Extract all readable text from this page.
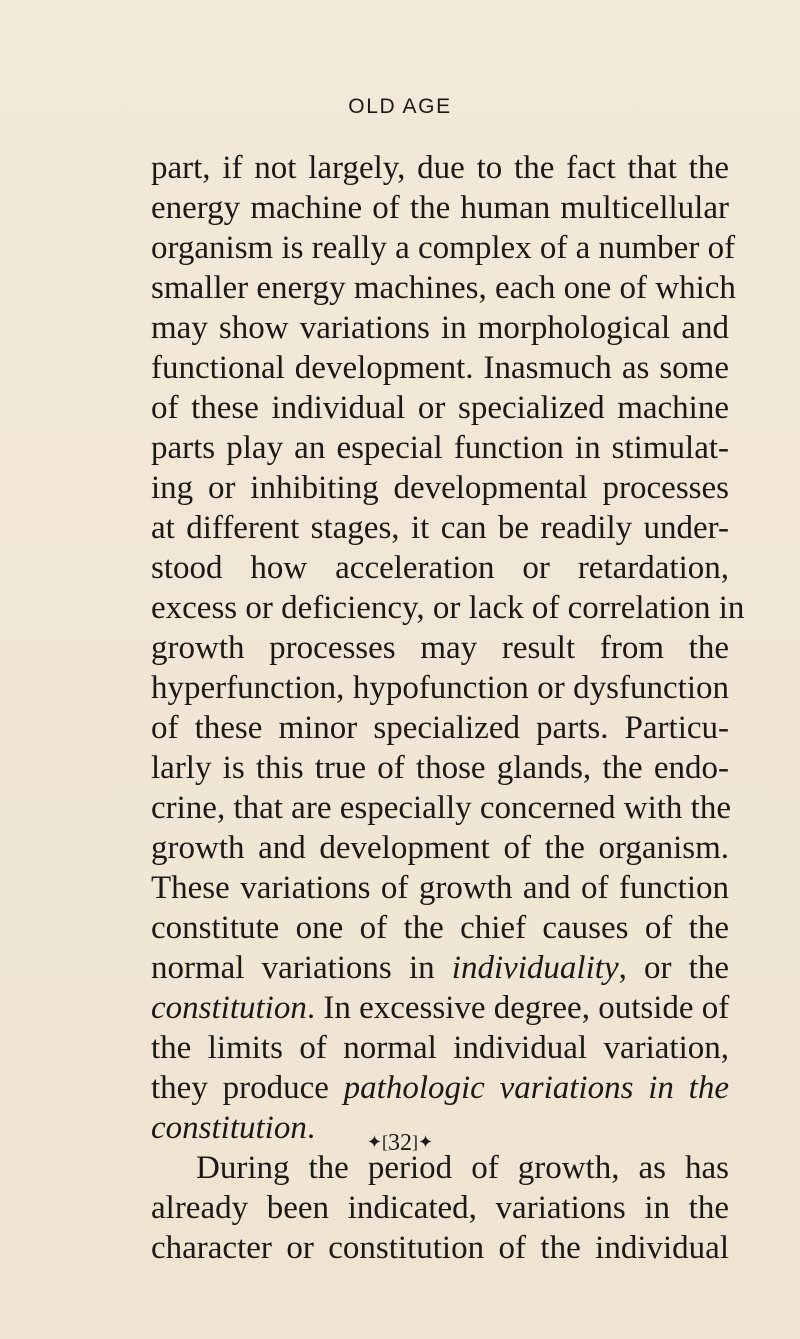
OLD AGE
part, if not largely, due to the fact that the
energy machine of the human multicellular
organism is really a complex of a number of
smaller energy machines, each one of which
may show variations in morphological and
functional development. Inasmuch as some
of these individual or specialized machine
parts play an especial function in stimulat-
ing or inhibiting developmental processes
at different stages, it can be readily under-
stood how acceleration or retardation,
excess or deficiency, or lack of correlation in
growth processes may result from the
hyperfunction, hypofunction or dysfunction
of these minor specialized parts. Particu-
larly is this true of those glands, the endo-
crine, that are especially concerned with the
growth and development of the organism.
These variations of growth and of function
constitute one of the chief causes of the
normal variations in individuality, or the
constitution. In excessive degree, outside of
the limits of normal individual variation,
they produce pathologic variations in the
constitution.
During the period of growth, as has
already been indicated, variations in the
character or constitution of the individual
✦[32]✦
